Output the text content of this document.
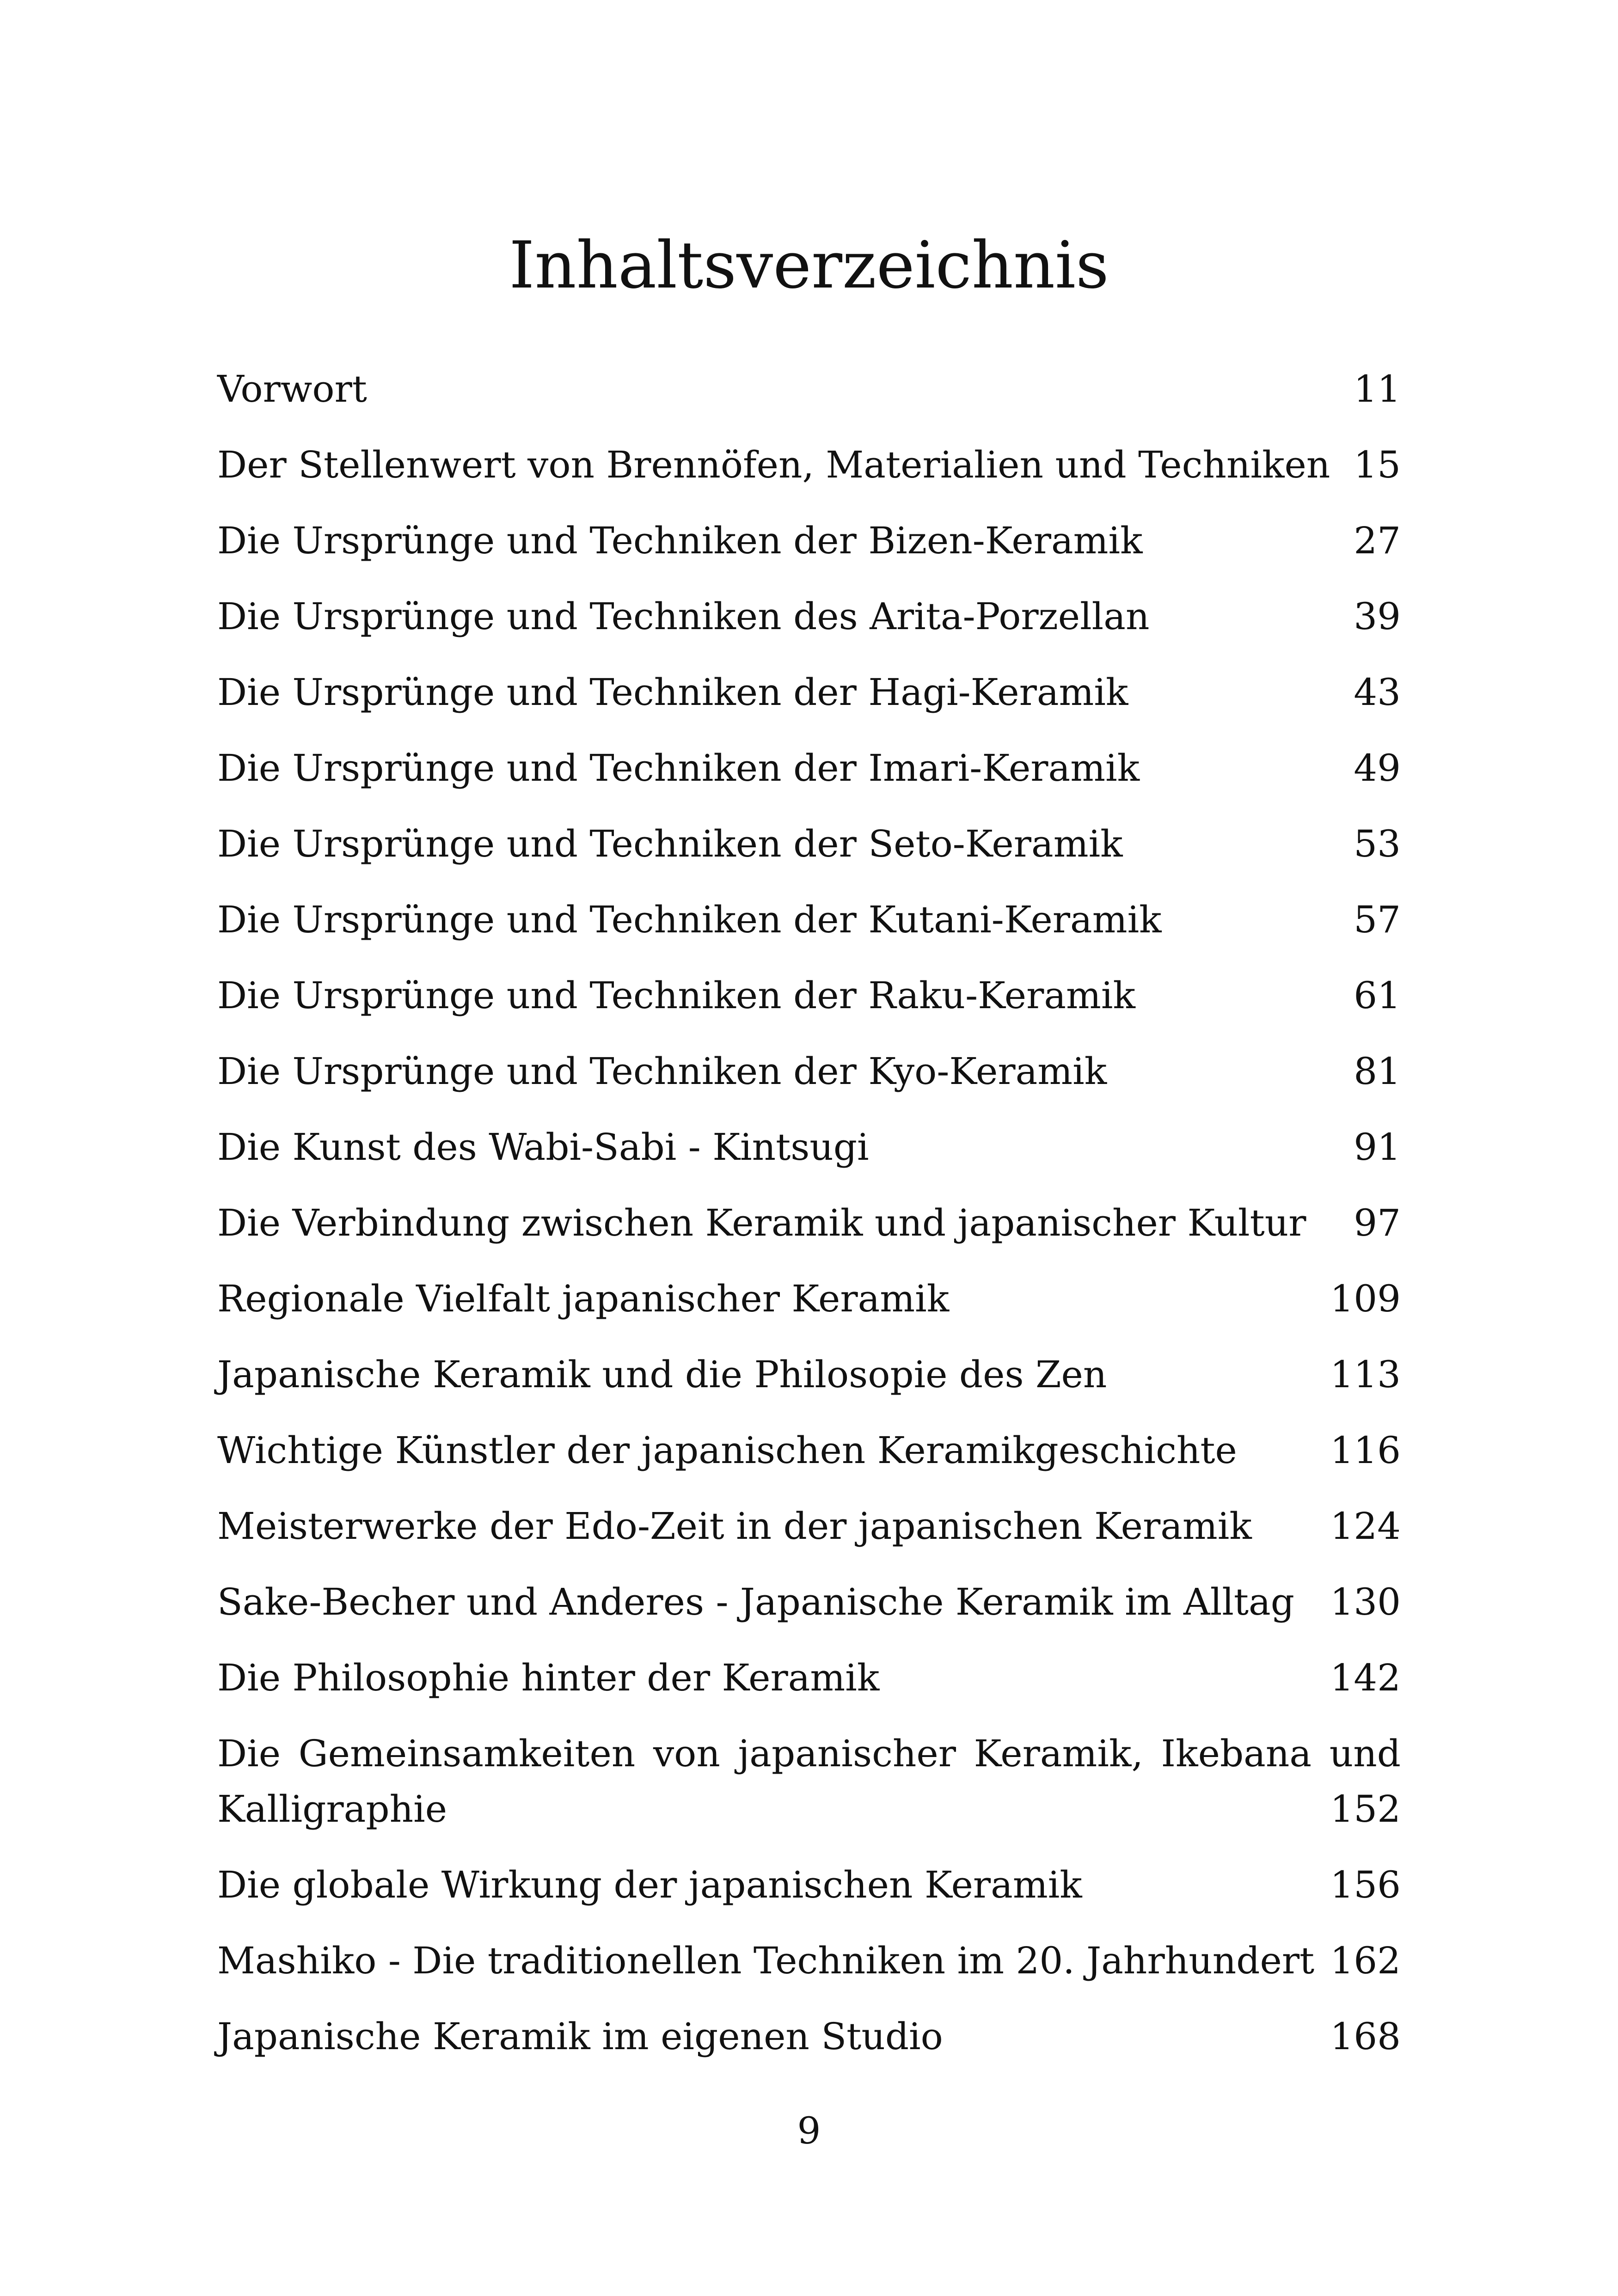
Inhaltsverzeichnis
Vorwort	11
Der Stellenwert von Brennöfen, Materialien und Techniken 15
Die Ursprünge und Techniken der Bizen-Keramik	27
Die Ursprünge und Techniken des Arita-Porzellan	39
Die Ursprünge und Techniken der Hagi-Keramik	43
Die Ursprünge und Techniken der Imari-Keramik	49
Die Ursprünge und Techniken der Seto-Keramik	53
Die Ursprünge und Techniken der Kutani-Keramik	57
Die Ursprünge und Techniken der Raku-Keramik	61
Die Ursprünge und Techniken der Kyo-Keramik	81
Die Kunst des Wabi-Sabi - Kintsugi	91
Die Verbindung zwischen Keramik und japanischer Kultur	97
Regionale Vielfalt japanischer Keramik	109
Japanische Keramik und die Philosopie des Zen	113
Wichtige Künstler der japanischen Keramikgeschichte	116
Meisterwerke der Edo-Zeit in der japanischen Keramik	124
Sake-Becher und Anderes - Japanische Keramik im Alltag 130
Die Philosophie hinter der Keramik	142
Die Gemeinsamkeiten von japanischer Keramik, Ikebana und Kalligraphie	152
Die globale Wirkung der japanischen Keramik	156
Mashiko - Die traditionellen Techniken im 20. Jahrhundert 162
Japanische Keramik im eigenen Studio	168
9
